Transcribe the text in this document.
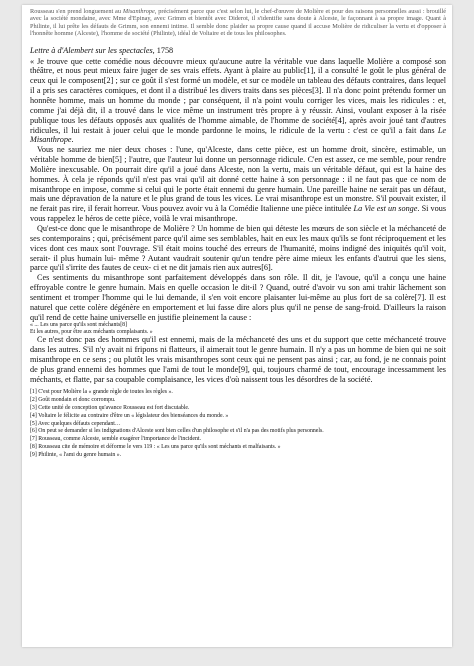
Rousseau s'en prend longuement au Misanthrope, précisément parce que c'est selon lui, le chef-d'œuvre de Molière et pour des raisons personnelles aussi : brouillé avec la société mondaine, avec Mme d'Epinay, avec Grimm et bientôt avec Diderot, il s'identifie sans doute à Alceste, le façonnant à sa propre image. Quant à Philinte, il lui prête les défauts de Grimm, son ennemi intime. Il semble donc plaider sa propre cause quand il accuse Molière de ridiculiser la vertu et d'opposer à l'honnête homme (Alceste), l'homme de société (Philinte), idéal de Voltaire et de tous les philosophes.

Lettre à d'Alembert sur les spectacles, 1758

« Je trouve que cette comédie nous découvre mieux qu'aucune autre la véritable vue dans laquelle Molière a composé son théâtre, et nous peut mieux faire juger de ses vrais effets. Ayant à plaire au public[1], il a consulté le goût le plus général de ceux qui le composent[2] ; sur ce goût il s'est formé un modèle, et sur ce modèle un tableau des défauts contraires, dans lequel il a pris ses caractères comiques, et dont il a distribué les divers traits dans ses pièces[3]. Il n'a donc point prétendu former un honnête homme, mais un homme du monde ; par conséquent, il n'a point voulu corriger les vices, mais les ridicules : et, comme j'ai déjà dit, il a trouvé dans le vice même un instrument très propre à y réussir. Ainsi, voulant exposer à la risée publique tous les défauts opposés aux qualités de l'homme aimable, de l'homme de société[4], après avoir joué tant d'autres ridicules, il lui restait à jouer celui que le monde pardonne le moins, le ridicule de la vertu : c'est ce qu'il a fait dans Le Misanthrope.

Vous ne sauriez me nier deux choses : l'une, qu'Alceste, dans cette pièce, est un homme droit, sincère, estimable, un véritable homme de bien[5] ; l'autre, que l'auteur lui donne un personnage ridicule. C'en est assez, ce me semble, pour rendre Molière inexcusable. On pourrait dire qu'il a joué dans Alceste, non la vertu, mais un véritable défaut, qui est la haine des hommes. À cela je réponds qu'il n'est pas vrai qu'il ait donné cette haine à son personnage : il ne faut pas que ce nom de misanthrope en impose, comme si celui qui le porte était ennemi du genre humain. Une pareille haine ne serait pas un défaut, mais une dépravation de la nature et le plus grand de tous les vices. Le vrai misanthrope est un monstre. S'il pouvait exister, il ne ferait pas rire, il ferait horreur. Vous pouvez avoir vu à la Comédie Italienne une pièce intitulée La Vie est un songe. Si vous vous rappelez le héros de cette pièce, voilà le vrai misanthrope.

Qu'est-ce donc que le misanthrope de Molière ? Un homme de bien qui déteste les mœurs de son siècle et la méchanceté de ses contemporains ; qui, précisément parce qu'il aime ses semblables, hait en eux les maux qu'ils se font réciproquement et les vices dont ces maux sont l'ouvrage. S'il était moins touché des erreurs de l'humanité, moins indigné des iniquités qu'il voit, serait- il plus humain lui- même ? Autant vaudrait soutenir qu'un tendre père aime mieux les enfants d'autrui que les siens, parce qu'il s'irrite des fautes de ceux- ci et ne dit jamais rien aux autres[6].

Ces sentiments du misanthrope sont parfaitement développés dans son rôle. Il dit, je l'avoue, qu'il a conçu une haine effroyable contre le genre humain. Mais en quelle occasion le dit-il ? Quand, outré d'avoir vu son ami trahir lâchement son sentiment et tromper l'homme qui le lui demande, il s'en voit encore plaisanter lui-même au plus fort de sa colère[7]. Il est naturel que cette colère dégénère en emportement et lui fasse dire alors plus qu'il ne pense de sang-froid. D'ailleurs la raison qu'il rend de cette haine universelle en justifie pleinement la cause :

« ... Les uns parce qu'ils sont méchants[8]

Et les autres, pour être aux méchants complaisants. »

Ce n'est donc pas des hommes qu'il est ennemi, mais de la méchanceté des uns et du support que cette méchanceté trouve dans les autres. S'il n'y avait ni fripons ni flatteurs, il aimerait tout le genre humain. Il n'y a pas un homme de bien qui ne soit misanthrope en ce sens ; ou plutôt les vrais misanthropes sont ceux qui ne pensent pas ainsi ; car, au fond, je ne connais point de plus grand ennemi des hommes que l'ami de tout le monde[9], qui, toujours charmé de tout, encourage incessamment les méchants, et flatte, par sa coupable complaisance, les vices d'où naissent tous les désordres de la société.

[1] C'est pour Molière la « grande règle de toutes les règles ».

[2] Goût mondain et donc corrompu.

[3] Cette unité de conception qu'avance Rousseau est fort discutable.

[4] Voltaire le félicite au contraire d'être un « législateur des bienséances du monde. »

[5] Avec quelques défauts cependant…

[6] On peut se demander si les indignations d'Alceste sont bien celles d'un philosophe et s'il n'a pas des motifs plus personnels.

[7] Rousseau, comme Alceste, semble exagérer l'importance de l'incident.

[8] Rousseau cite de mémoire et déforme le vers 119 : « Les uns parce qu'ils sont méchants et malfaisants. »

[9] Philinte, « l'ami du genre humain ».
